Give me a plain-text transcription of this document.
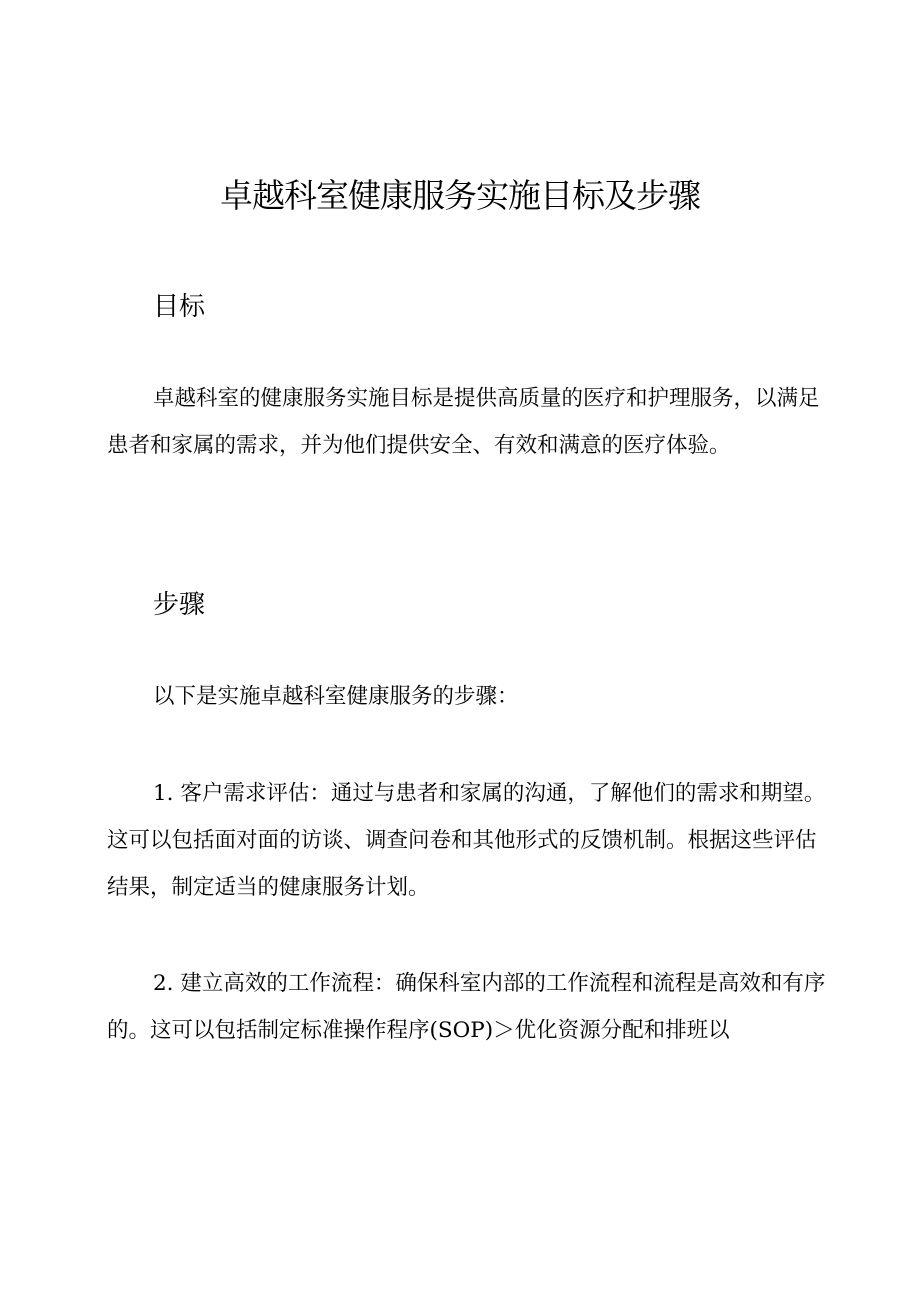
卓越科室健康服务实施目标及步骤
目标

卓越科室的健康服务实施目标是提供高质量的医疗和护理服务，以满足患者和家属的需求，并为他们提供安全、有效和满意的医疗体验。

步骤

以下是实施卓越科室健康服务的步骤：

1. 客户需求评估：通过与患者和家属的沟通，了解他们的需求和期望。这可以包括面对面的访谈、调查问卷和其他形式的反馈机制。根据这些评估结果，制定适当的健康服务计划。

2. 建立高效的工作流程：确保科室内部的工作流程和流程是高效和有序的。这可以包括制定标准操作程序(SOP)＞优化资源分配和排班以
